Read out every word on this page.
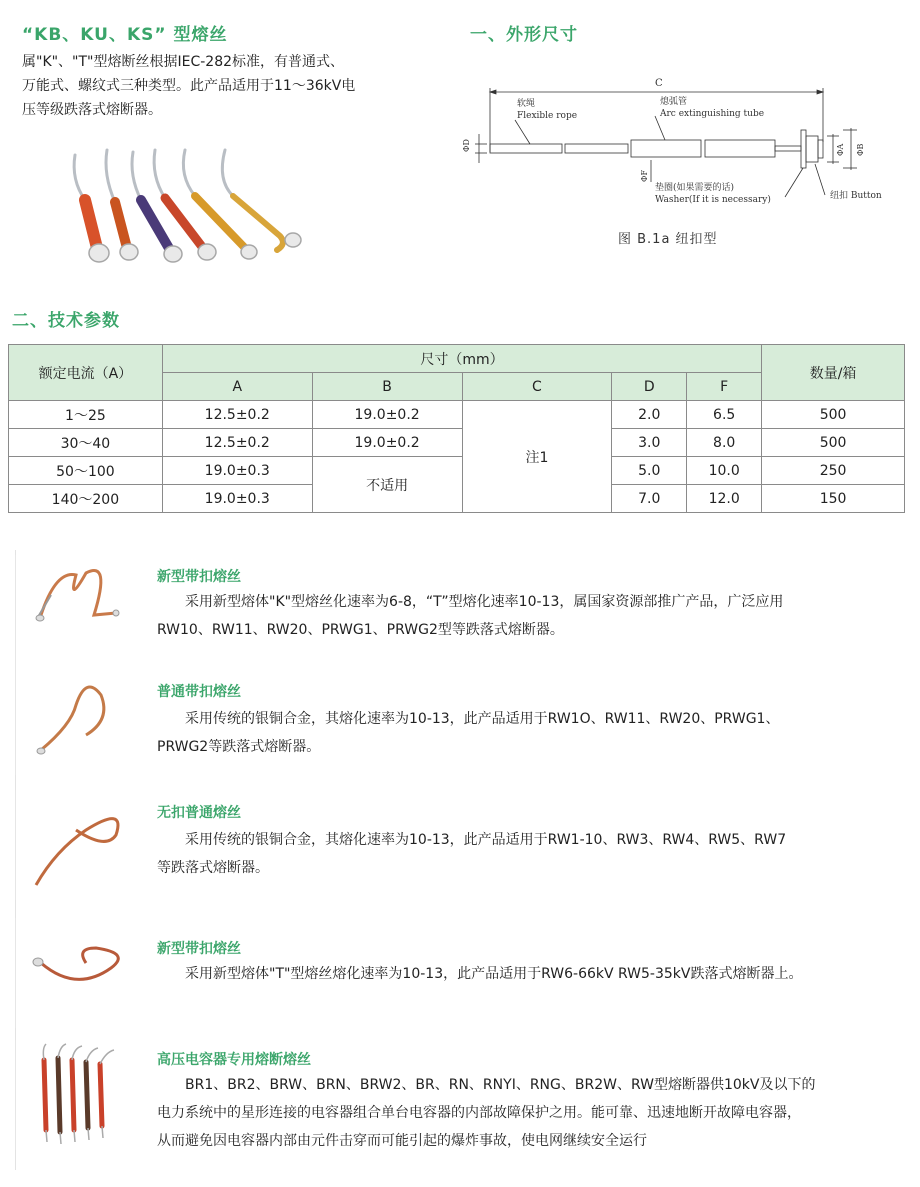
“KB、KU、KS” 型熔丝
属"K"、"T"型熔断丝根据IEC-282标准，有普通式、
万能式、螺纹式三种类型。此产品适用于11～36kV电
压等级跌落式熔断器。
一、外形尺寸
C
软绳
Flexible rope
熄弧管
Arc extinguishing tube
垫圈(如果需要的话)
Washer(If it is necessary)	纽扣 Button
ΦD
ΦF
ΦA ΦB
图 B.1a 纽扣型
二、技术参数
额定电流（A）	尺寸（mm）					数量/箱
	A	B	C	D	F	
1～25	12.5±0.2	19.0±0.2	注1	2.0	6.5	500
30～40	12.5±0.2	19.0±0.2		3.0	8.0	500
50～100	19.0±0.3	不适用		5.0	10.0	250
140～200	19.0±0.3			7.0	12.0	150
新型带扣熔丝
　　采用新型熔体"K"型熔丝化速率为6-8，“T”型熔化速率10-13，属国家资源部推广产品，广泛应用
RW10、RW11、RW20、PRWG1、PRWG2型等跌落式熔断器。
普通带扣熔丝
　　采用传统的银铜合金，其熔化速率为10-13，此产品适用于RW1O、RW11、RW20、PRWG1、
PRWG2等跌落式熔断器。
无扣普通熔丝
　　采用传统的银铜合金，其熔化速率为10-13，此产品适用于RW1-10、RW3、RW4、RW5、RW7
等跌落式熔断器。
新型带扣熔丝
　　采用新型熔体"T"型熔丝熔化速率为10-13，此产品适用于RW6-66kV RW5-35kV跌落式熔断器上。
高压电容器专用熔断熔丝
　　BR1、BR2、BRW、BRN、BRW2、BR、RN、RNYI、RNG、BR2W、RW型熔断器供10kV及以下的
电力系统中的星形连接的电容器组合单台电容器的内部故障保护之用。能可靠、迅速地断开故障电容器，
从而避免因电容器内部由元件击穿而可能引起的爆炸事故，使电网继续安全运行
